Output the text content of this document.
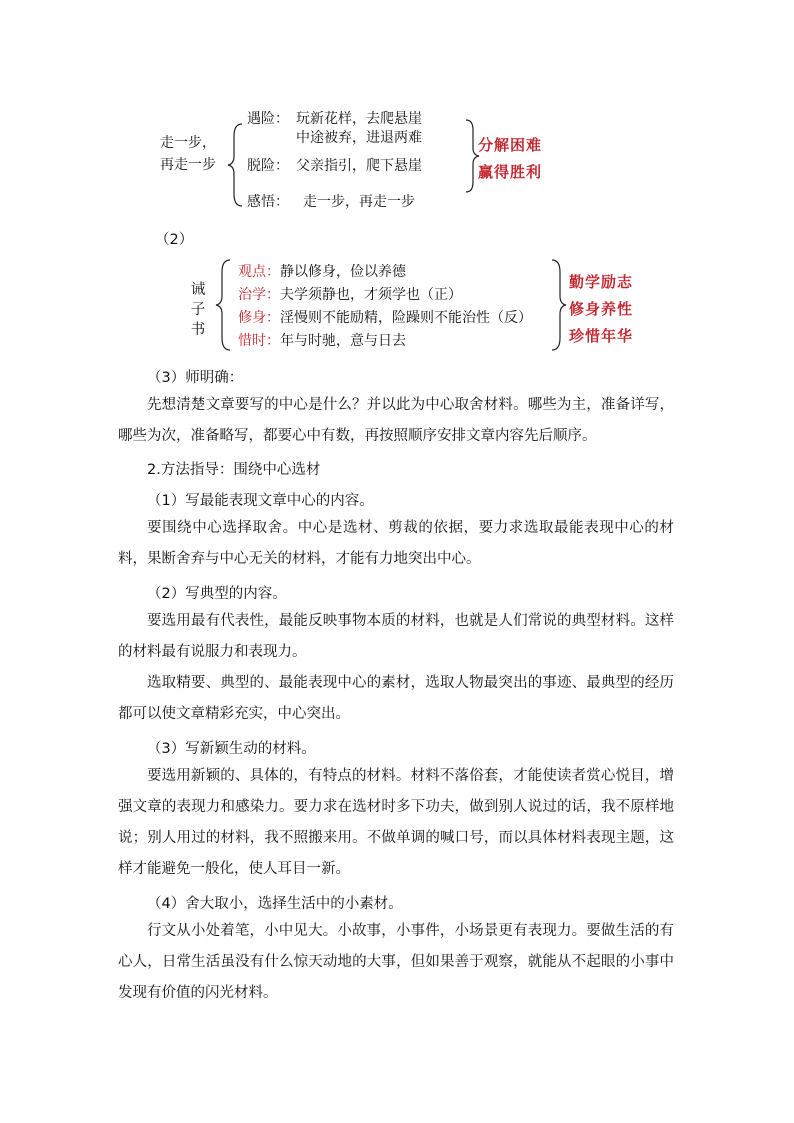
走一步，
再走一步
遇险： 玩新花样，去爬悬崖
中途被弃，进退两难
脱险： 父亲指引，爬下悬崖
感悟： 走一步，再走一步
分解困难
赢得胜利
（2）
诫
子
书
观点：静以修身，俭以养德
治学：夫学须静也，才须学也（正）
修身：淫慢则不能励精，险躁则不能治性（反）
惜时：年与时驰，意与日去
勤学励志
修身养性
珍惜年华
（3）师明确：
先想清楚文章要写的中心是什么？并以此为中心取舍材料。哪些为主，准备详写，哪些为次，准备略写，都要心中有数，再按照顺序安排文章内容先后顺序。
2.方法指导：围绕中心选材
（1）写最能表现文章中心的内容。
要围绕中心选择取舍。中心是选材、剪裁的依据，要力求选取最能表现中心的材料，果断舍弃与中心无关的材料，才能有力地突出中心。
（2）写典型的内容。
要选用最有代表性，最能反映事物本质的材料，也就是人们常说的典型材料。这样的材料最有说服力和表现力。
选取精要、典型的、最能表现中心的素材，选取人物最突出的事迹、最典型的经历都可以使文章精彩充实，中心突出。
（3）写新颖生动的材料。
要选用新颖的、具体的，有特点的材料。材料不落俗套，才能使读者赏心悦目，增强文章的表现力和感染力。要力求在选材时多下功夫，做到别人说过的话，我不原样地说；别人用过的材料，我不照搬来用。不做单调的喊口号，而以具体材料表现主题，这样才能避免一般化，使人耳目一新。
（4）舍大取小，选择生活中的小素材。
行文从小处着笔，小中见大。小故事，小事件，小场景更有表现力。要做生活的有心人，日常生活虽没有什么惊天动地的大事，但如果善于观察，就能从不起眼的小事中发现有价值的闪光材料。
